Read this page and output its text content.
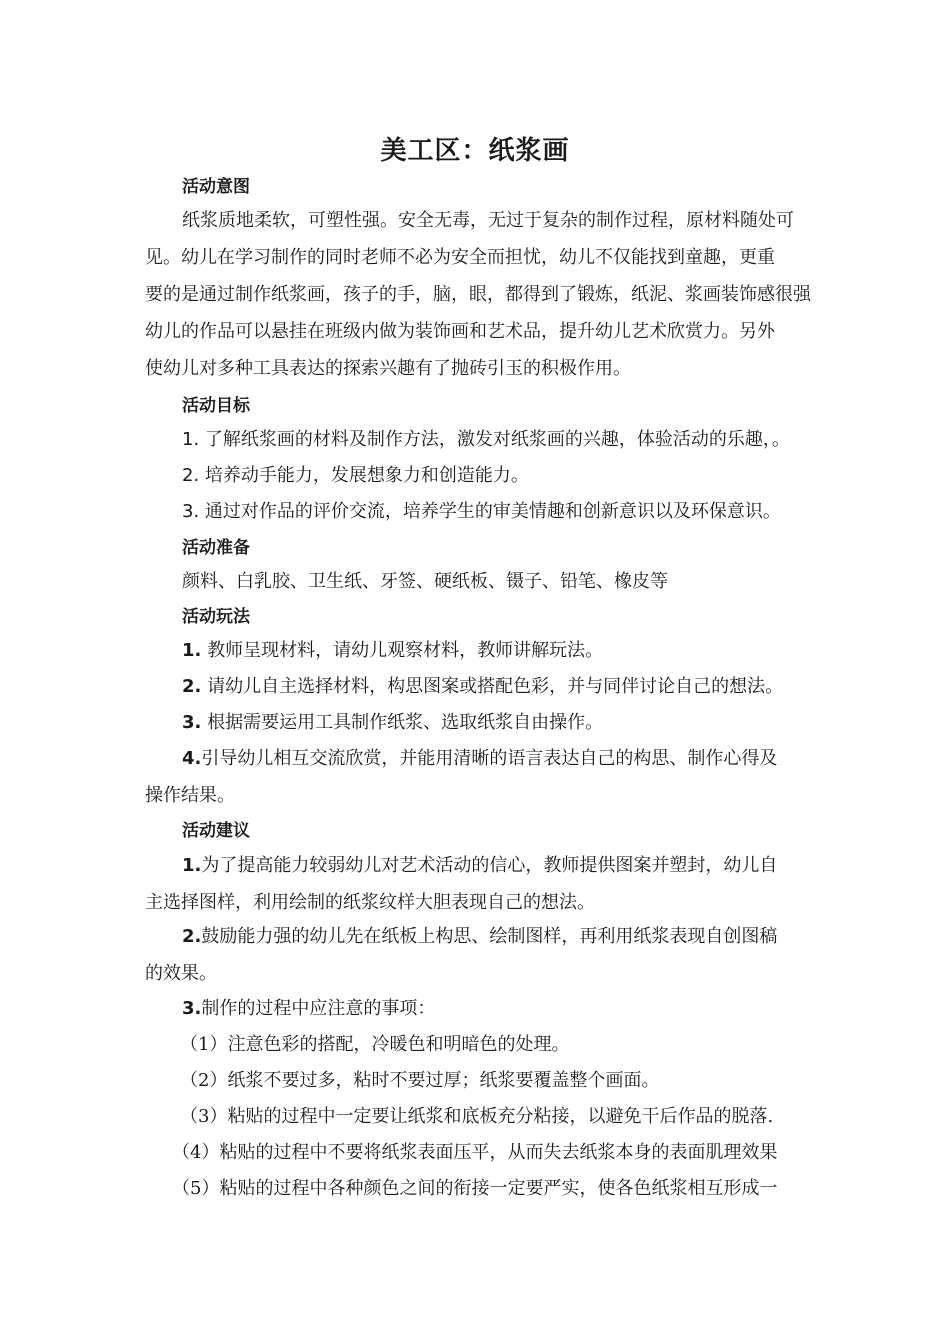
美工区：纸浆画
活动意图
纸浆质地柔软，可塑性强。安全无毒，无过于复杂的制作过程，原材料随处可
见。幼儿在学习制作的同时老师不必为安全而担忧，幼儿不仅能找到童趣，更重
要的是通过制作纸浆画，孩子的手，脑，眼，都得到了锻炼，纸泥、浆画装饰感很强
幼儿的作品可以悬挂在班级内做为装饰画和艺术品，提升幼儿艺术欣赏力。另外
使幼儿对多种工具表达的探索兴趣有了抛砖引玉的积极作用。
活动目标
1. 了解纸浆画的材料及制作方法，激发对纸浆画的兴趣，体验活动的乐趣，。
2. 培养动手能力，发展想象力和创造能力。
3. 通过对作品的评价交流，培养学生的审美情趣和创新意识以及环保意识。
活动准备
颜料、白乳胶、卫生纸、牙签、硬纸板、镊子、铅笔、橡皮等
活动玩法
1. 教师呈现材料，请幼儿观察材料，教师讲解玩法。
2. 请幼儿自主选择材料，构思图案或搭配色彩，并与同伴讨论自己的想法。
3. 根据需要运用工具制作纸浆、选取纸浆自由操作。
4.引导幼儿相互交流欣赏，并能用清晰的语言表达自己的构思、制作心得及
操作结果。
活动建议
1.为了提高能力较弱幼儿对艺术活动的信心，教师提供图案并塑封，幼儿自
主选择图样，利用绘制的纸浆纹样大胆表现自己的想法。
2.鼓励能力强的幼儿先在纸板上构思、绘制图样，再利用纸浆表现自创图稿
的效果。
3.制作的过程中应注意的事项：
（1）注意色彩的搭配，冷暖色和明暗色的处理。
（2）纸浆不要过多，粘时不要过厚；纸浆要覆盖整个画面。
（3）粘贴的过程中一定要让纸浆和底板充分粘接，以避免干后作品的脱落.
（4）粘贴的过程中不要将纸浆表面压平，从而失去纸浆本身的表面肌理效果
（5）粘贴的过程中各种颜色之间的衔接一定要严实，使各色纸浆相互形成一
